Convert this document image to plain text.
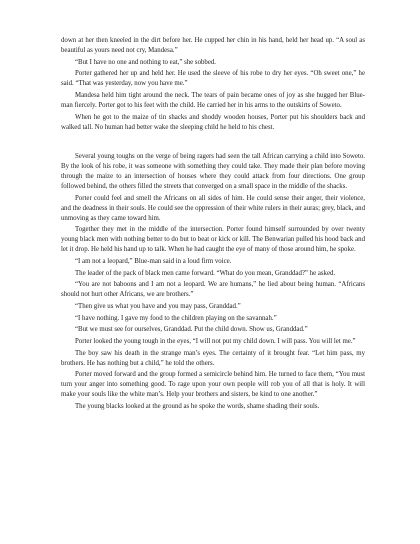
down at her then kneeled in the dirt before her. He cupped her chin in his hand, held her head up. “A soul as beautiful as yours need not cry, Mandesa.”

“But I have no one and nothing to eat,” she sobbed.

Porter gathered her up and held her. He used the sleeve of his robe to dry her eyes. “Oh sweet one,” he said. “That was yesterday, now you have me.”

Mandesa held him tight around the neck. The tears of pain became ones of joy as she hugged her Blue-man fiercely. Porter got to his feet with the child. He carried her in his arms to the outskirts of Soweto.

When he got to the maize of tin shacks and shoddy wooden houses, Porter put his shoulders back and walked tall. No human had better wake the sleeping child he held to his chest.

Several young toughs on the verge of being ragers had seen the tall African carrying a child into Soweto. By the look of his robe, it was someone with something they could take. They made their plan before moving through the maize to an intersection of houses where they could attack from four directions. One group followed behind, the others filled the streets that converged on a small space in the middle of the shacks.

Porter could feel and smell the Africans on all sides of him. He could sense their anger, their violence, and the deadness in their souls. He could see the oppression of their white rulers in their auras; grey, black, and unmoving as they came toward him.

Together they met in the middle of the intersection. Porter found himself surrounded by over twenty young black men with nothing better to do but to beat or kick or kill. The Benwarian pulled his hood back and let it drop. He held his hand up to talk. When he had caught the eye of many of those around him, he spoke.

“I am not a leopard,” Blue-man said in a loud firm voice.

The leader of the pack of black men came forward. “What do you mean, Granddad?” he asked.

“You are not baboons and I am not a leopard. We are humans,” he lied about being human. “Africans should not hurt other Africans, we are brothers.”

“Then give us what you have and you may pass, Granddad.”

“I have nothing. I gave my food to the children playing on the savannah.”

“But we must see for ourselves, Granddad. Put the child down. Show us, Granddad.”

Porter looked the young tough in the eyes, “I will not put my child down. I will pass. You will let me.”

The boy saw his death in the strange man’s eyes. The certainty of it brought fear. “Let him pass, my brothers. He has nothing but a child,” he told the others.

Porter moved forward and the group formed a semicircle behind him. He turned to face them, “You must turn your anger into something good. To rage upon your own people will rob you of all that is holy. It will make your souls like the white man’s. Help your brothers and sisters, be kind to one another.”

The young blacks looked at the ground as he spoke the words, shame shading their souls.
